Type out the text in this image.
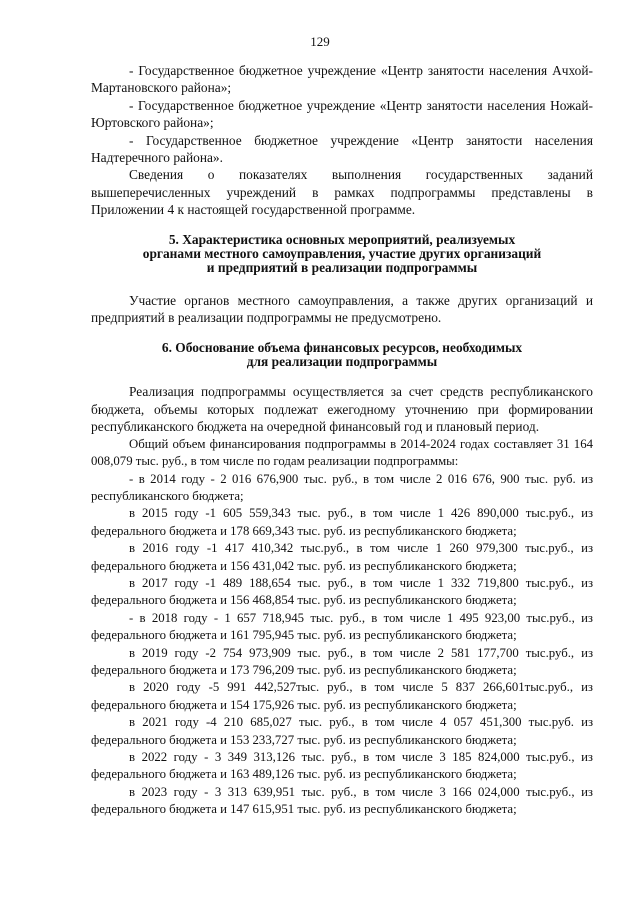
129

- Государственное бюджетное учреждение «Центр занятости населения Ачхой-Мартановского района»;

- Государственное бюджетное учреждение «Центр занятости населения Ножай-Юртовского района»;

- Государственное бюджетное учреждение «Центр занятости населения Надтеречного района».

Сведения о показателях выполнения государственных заданий вышеперечисленных учреждений в рамках подпрограммы представлены в Приложении 4 к настоящей государственной программе.

5. Характеристика основных мероприятий, реализуемых

органами местного самоуправления, участие других организаций

и предприятий в реализации подпрограммы

Участие органов местного самоуправления, а также других организаций и предприятий в реализации подпрограммы не предусмотрено.

6. Обоснование объема финансовых ресурсов, необходимых

для реализации подпрограммы

Реализация подпрограммы осуществляется за счет средств республиканского бюджета, объемы которых подлежат ежегодному уточнению при формировании республиканского бюджета на очередной финансовый год и плановый период.

Общий объем финансирования подпрограммы в 2014-2024 годах составляет 31 164 008,079 тыс. руб., в том числе по годам реализации подпрограммы:

- в 2014 году - 2 016 676,900 тыс. руб., в том числе 2 016 676, 900 тыс. руб. из республиканского бюджета;

в 2015 году -1 605 559,343 тыс. руб., в том числе 1 426 890,000 тыс.руб., из федерального бюджета и 178 669,343 тыс. руб. из республиканского бюджета;

в 2016 году -1 417 410,342 тыс.руб., в том числе 1 260 979,300 тыс.руб., из федерального бюджета и 156 431,042 тыс. руб. из республиканского бюджета;

в 2017 году -1 489 188,654 тыс. руб., в том числе 1 332 719,800 тыс.руб., из федерального бюджета и 156 468,854 тыс. руб. из республиканского бюджета;

- в 2018 году - 1 657 718,945 тыс. руб., в том числе 1 495 923,00 тыс.руб., из федерального бюджета и 161 795,945 тыс. руб. из республиканского бюджета;

в 2019 году -2 754 973,909 тыс. руб., в том числе 2 581 177,700 тыс.руб., из федерального бюджета и 173 796,209 тыс. руб. из республиканского бюджета;

в 2020 году -5 991 442,527тыс. руб., в том числе 5 837 266,601тыс.руб., из федерального бюджета и 154 175,926 тыс. руб. из республиканского бюджета;

в 2021 году -4 210 685,027 тыс. руб., в том числе 4 057 451,300 тыс.руб. из федерального бюджета и 153 233,727 тыс. руб. из республиканского бюджета;

в 2022 году - 3 349 313,126 тыс. руб., в том числе 3 185 824,000 тыс.руб., из федерального бюджета и 163 489,126 тыс. руб. из республиканского бюджета;

в 2023 году - 3 313 639,951 тыс. руб., в том числе 3 166 024,000 тыс.руб., из федерального бюджета и 147 615,951 тыс. руб. из республиканского бюджета;
